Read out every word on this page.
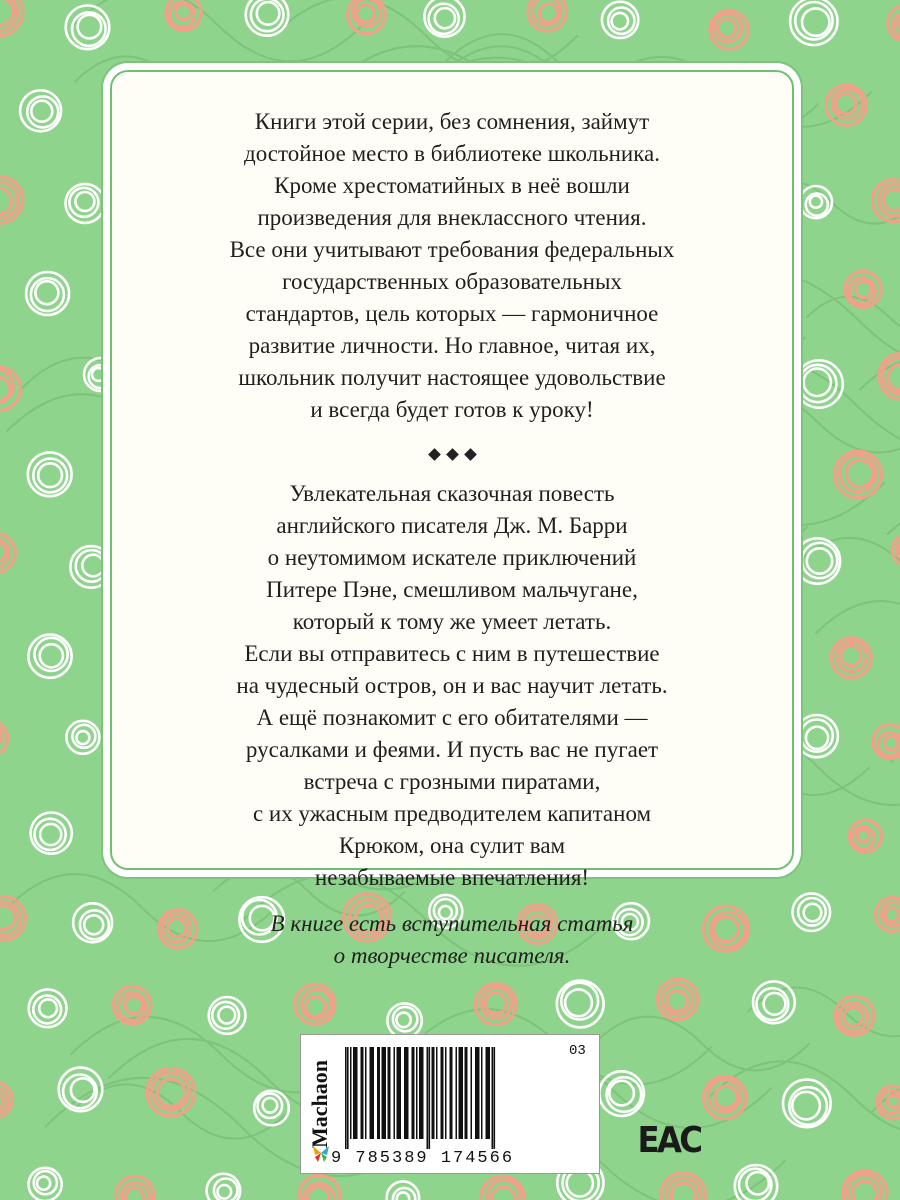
Книги этой серии, без сомнения, займут

достойное место в библиотеке школьника.

Кроме хрестоматийных в неё вошли

произведения для внеклассного чтения.

Все они учитывают требования федеральных

государственных образовательных

стандартов, цель которых — гармоничное

развитие личности. Но главное, читая их,

школьник получит настоящее удовольствие

и всегда будет готов к уроку!

Увлекательная сказочная повесть

английского писателя Дж. М. Барри

о неутомимом искателе приключений

Питере Пэне, смешливом мальчугане,

который к тому же умеет летать.

Если вы отправитесь с ним в путешествие

на чудесный остров, он и вас научит летать.

А ещё познакомит с его обитателями —

русалками и феями. И пусть вас не пугает

встреча с грозными пиратами,

с их ужасным предводителем капитаном

Крюком, она сулит вам

незабываемые впечатления!

В книге есть вступительная статья

о творчестве писателя.

Machaon
03
9 785389 174566	EAC
